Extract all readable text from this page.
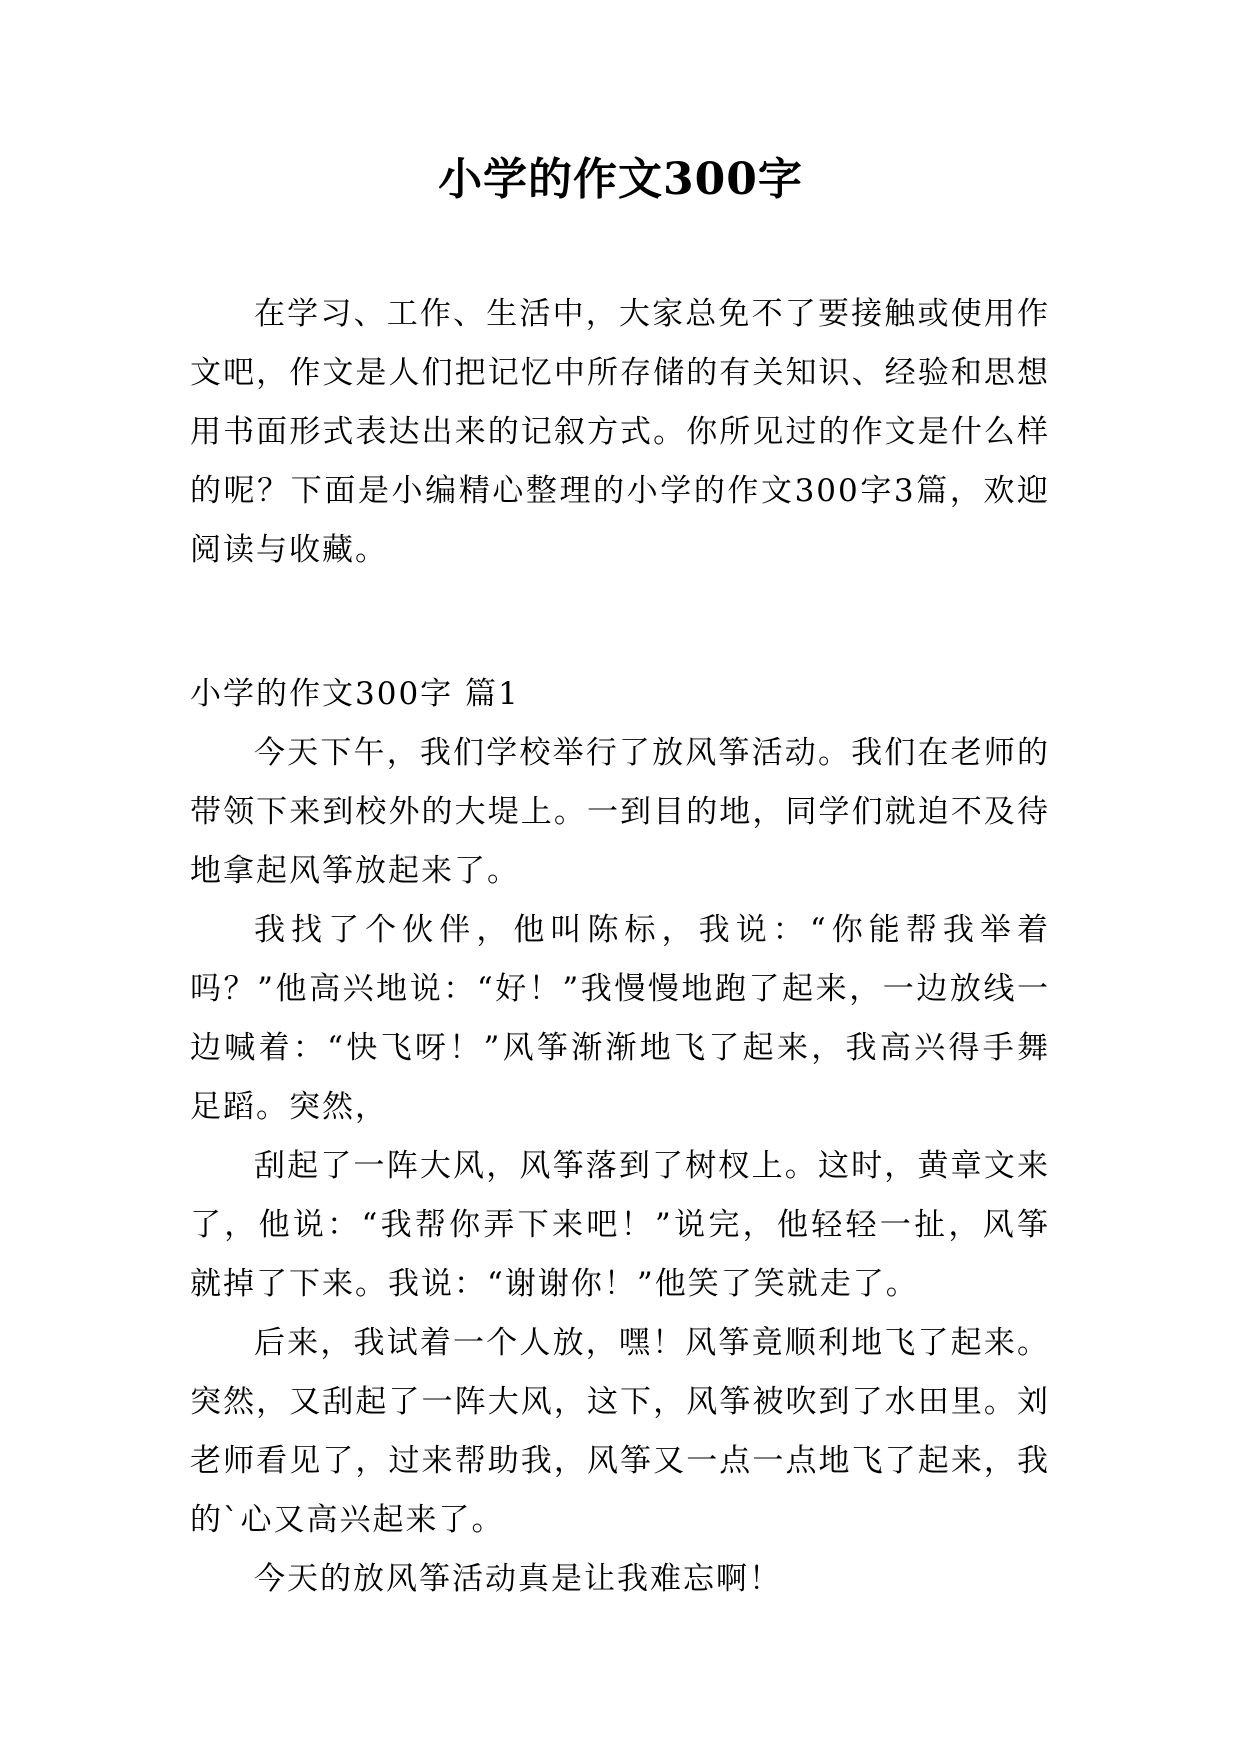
小学的作文300字

在学习、工作、生活中，大家总免不了要接触或使用作文吧，作文是人们把记忆中所存储的有关知识、经验和思想用书面形式表达出来的记叙方式。你所见过的作文是什么样的呢？下面是小编精心整理的小学的作文300字3篇，欢迎阅读与收藏。

小学的作文300字 篇1

今天下午，我们学校举行了放风筝活动。我们在老师的带领下来到校外的大堤上。一到目的地，同学们就迫不及待地拿起风筝放起来了。

我找了个伙伴，他叫陈标，我说：“你能帮我举着吗？”他高兴地说：“好！”我慢慢地跑了起来，一边放线一边喊着：“快飞呀！”风筝渐渐地飞了起来，我高兴得手舞足蹈。突然，

刮起了一阵大风，风筝落到了树杈上。这时，黄章文来了，他说：“我帮你弄下来吧！”说完，他轻轻一扯，风筝就掉了下来。我说：“谢谢你！”他笑了笑就走了。

后来，我试着一个人放，嘿！风筝竟顺利地飞了起来。突然，又刮起了一阵大风，这下，风筝被吹到了水田里。刘老师看见了，过来帮助我，风筝又一点一点地飞了起来，我的`心又高兴起来了。

今天的放风筝活动真是让我难忘啊！
